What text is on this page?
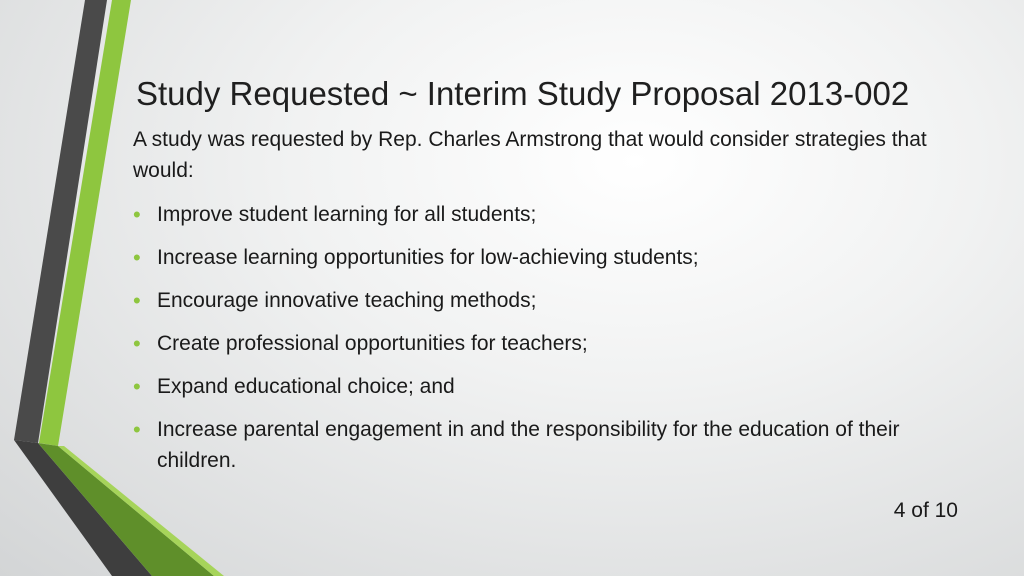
Study Requested ~ Interim Study Proposal 2013-002
A study was requested by Rep. Charles Armstrong that would consider strategies that would:
• Improve student learning for all students;
• Increase learning opportunities for low-achieving students;
• Encourage innovative teaching methods;
• Create professional opportunities for teachers;
• Expand educational choice; and
• Increase parental engagement in and the responsibility for the education of their children.
4 of 10
